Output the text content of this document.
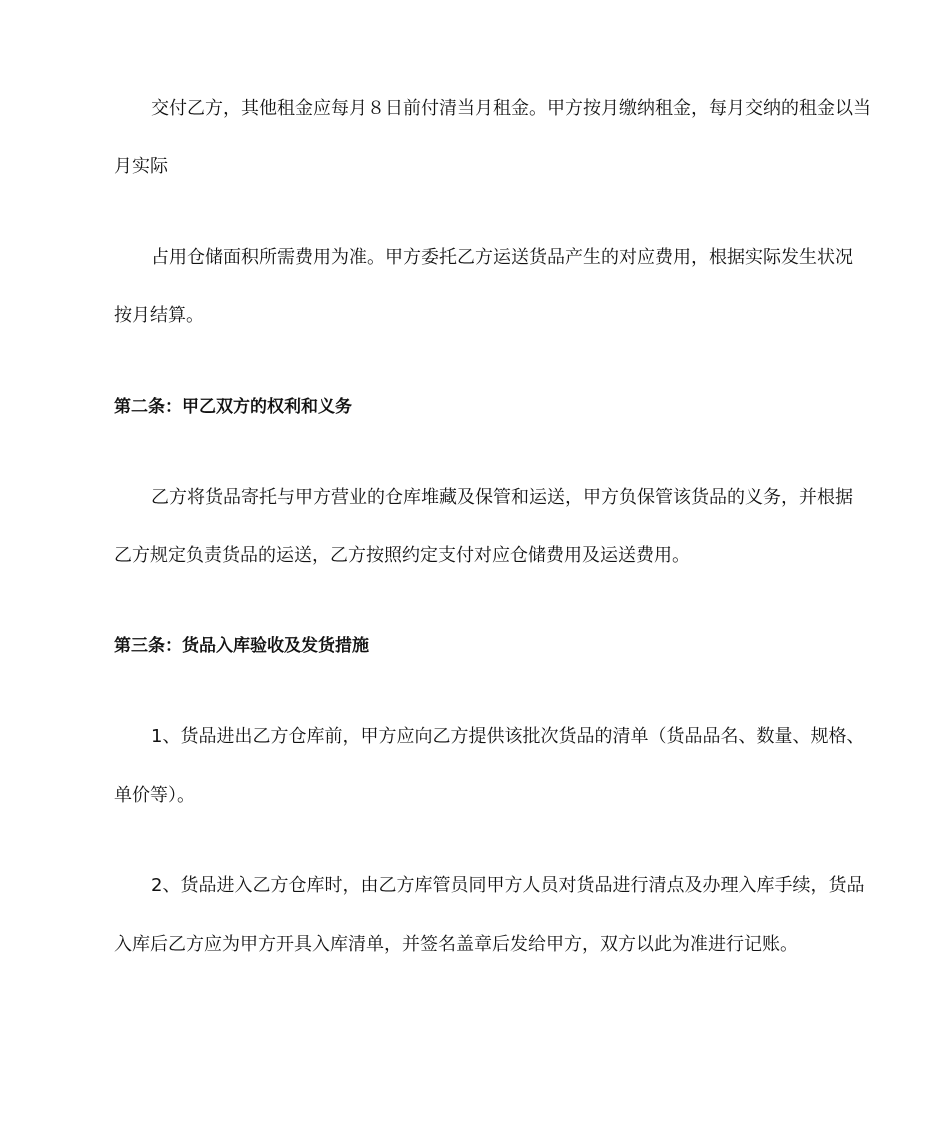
交付乙方，其他租金应每月８日前付清当月租金。甲方按月缴纳租金，每月交纳的租金以当
月实际
占用仓储面积所需费用为准。甲方委托乙方运送货品产生的对应费用，根据实际发生状况
按月结算。
第二条：甲乙双方的权利和义务
乙方将货品寄托与甲方营业的仓库堆藏及保管和运送，甲方负保管该货品的义务，并根据
乙方规定负责货品的运送，乙方按照约定支付对应仓储费用及运送费用。
第三条：货品入库验收及发货措施
1、货品进出乙方仓库前，甲方应向乙方提供该批次货品的清单（货品品名、数量、规格、
单价等）。
2、货品进入乙方仓库时，由乙方库管员同甲方人员对货品进行清点及办理入库手续，货品
入库后乙方应为甲方开具入库清单，并签名盖章后发给甲方，双方以此为准进行记账。
